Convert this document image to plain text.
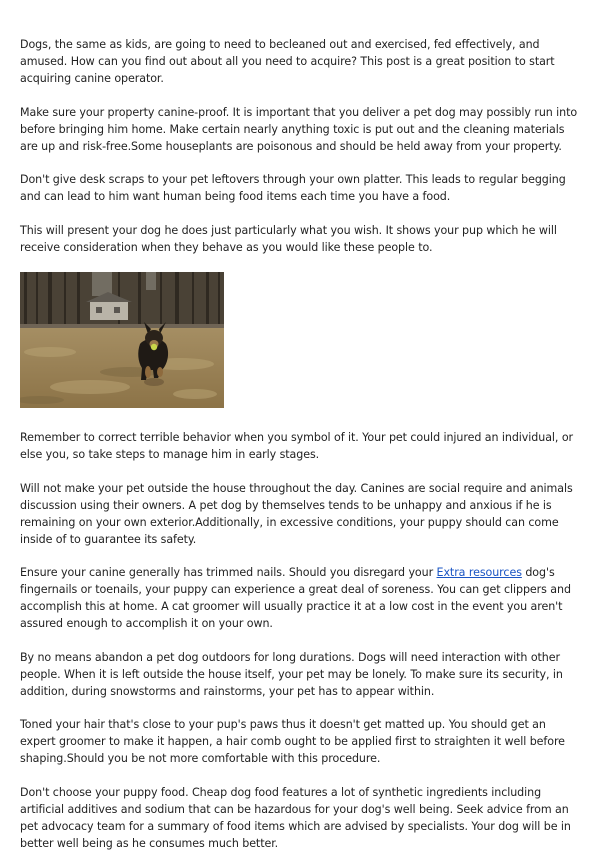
Dogs, the same as kids, are going to need to becleaned out and exercised, fed effectively, and amused. How can you find out about all you need to acquire? This post is a great position to start acquiring canine operator.

Make sure your property canine-proof. It is important that you deliver a pet dog may possibly run into before bringing him home. Make certain nearly anything toxic is put out and the cleaning materials are up and risk-free.Some houseplants are poisonous and should be held away from your property.

Don't give desk scraps to your pet leftovers through your own platter. This leads to regular begging and can lead to him want human being food items each time you have a food.

This will present your dog he does just particularly what you wish. It shows your pup which he will receive consideration when they behave as you would like these people to.

Remember to correct terrible behavior when you symbol of it. Your pet could injured an individual, or else you, so take steps to manage him in early stages.

Will not make your pet outside the house throughout the day. Canines are social require and animals discussion using their owners. A pet dog by themselves tends to be unhappy and anxious if he is remaining on your own exterior.Additionally, in excessive conditions, your puppy should can come inside of to guarantee its safety.

Ensure your canine generally has trimmed nails. Should you disregard your Extra resources dog's fingernails or toenails, your puppy can experience a great deal of soreness. You can get clippers and accomplish this at home. A cat groomer will usually practice it at a low cost in the event you aren't assured enough to accomplish it on your own.

By no means abandon a pet dog outdoors for long durations. Dogs will need interaction with other people. When it is left outside the house itself, your pet may be lonely. To make sure its security, in addition, during snowstorms and rainstorms, your pet has to appear within.

Toned your hair that's close to your pup's paws thus it doesn't get matted up. You should get an expert groomer to make it happen, a hair comb ought to be applied first to straighten it well before shaping.Should you be not more comfortable with this procedure.

Don't choose your puppy food. Cheap dog food features a lot of synthetic ingredients including artificial additives and sodium that can be hazardous for your dog's well being. Seek advice from an pet advocacy team for a summary of food items which are advised by specialists. Your dog will be in better well being as he consumes much better.
